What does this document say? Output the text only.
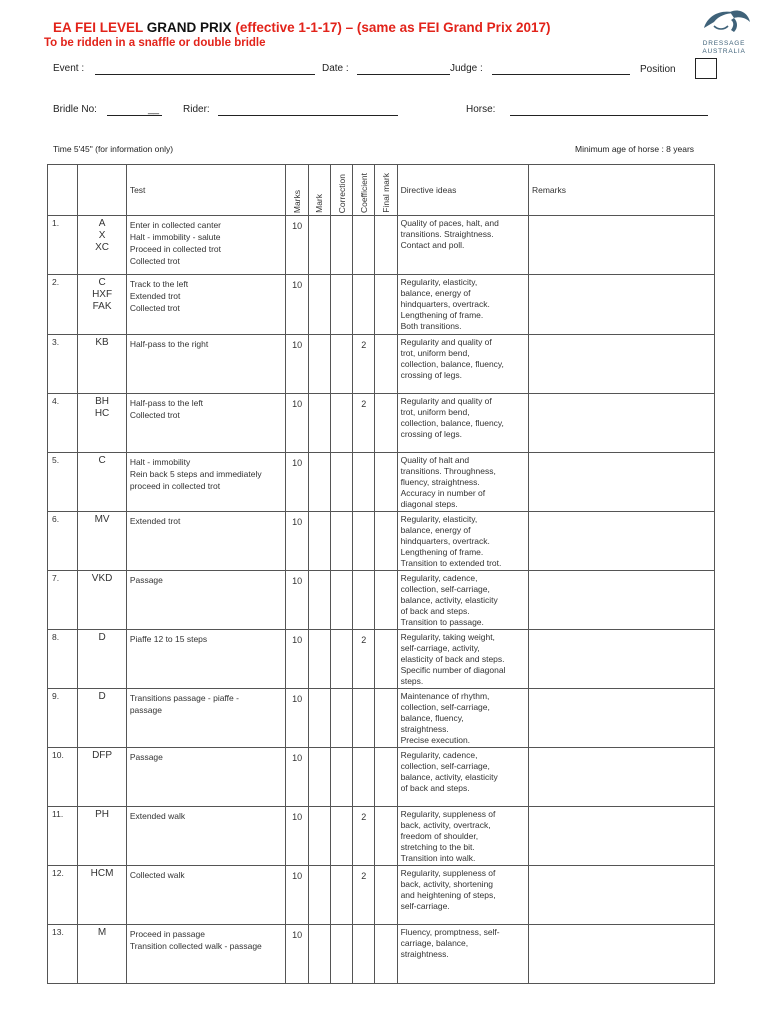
EA FEI LEVEL GRAND PRIX (effective 1-1-17) – (same as FEI Grand Prix 2017)
To be ridden in a snaffle or double bridle	DRESSAGE
AUSTRALIA
Event :	Date :	Judge :	Position
Bridle No:	__ Rider:	Horse:
Time 5'45" (for information only)	Minimum age of horse : 8 years
		Test	Marks	Mark	Correction	Coefficient	Final mark	Directive ideas	Remarks
1.	A
X
XC	Enter in collected canter
Halt - immobility - salute
Proceed in collected trot
Collected trot	10					Quality of paces, halt, and
transitions. Straightness.
Contact and poll.	

2.	C
HXF
FAK	Track to the left
Extended trot
Collected trot	10					Regularity, elasticity,
balance, energy of
hindquarters, overtrack.
Lengthening of frame.
Both transitions.	

3.	KB	Half-pass to the right	10			2		Regularity and quality of
trot, uniform bend,
collection, balance, fluency,
crossing of legs.	

4.	BH
HC	Half-pass to the left
Collected trot	10			2		Regularity and quality of
trot, uniform bend,
collection, balance, fluency,
crossing of legs.	

5.	C	Halt - immobility
Rein back 5 steps and immediately
proceed in collected trot	10					Quality of halt and
transitions. Throughness,
fluency, straightness.
Accuracy in number of
diagonal steps.	

6.	MV	Extended trot	10					Regularity, elasticity,
balance, energy of
hindquarters, overtrack.
Lengthening of frame.
Transition to extended trot.	

7.	VKD	Passage	10					Regularity, cadence,
collection, self-carriage,
balance, activity, elasticity
of back and steps.
Transition to passage.	

8.	D	Piaffe 12 to 15 steps	10			2		Regularity, taking weight,
self-carriage, activity,
elasticity of back and steps.
Specific number of diagonal
steps.	

9.	D	Transitions passage - piaffe -
passage	10					Maintenance of rhythm,
collection, self-carriage,
balance, fluency,
straightness.
Precise execution.	

10.	DFP	Passage	10					Regularity, cadence,
collection, self-carriage,
balance, activity, elasticity
of back and steps.	

11.	PH	Extended walk	10			2		Regularity, suppleness of
back, activity, overtrack,
freedom of shoulder,
stretching to the bit.
Transition into walk.	

12.	HCM	Collected walk	10			2		Regularity, suppleness of
back, activity, shortening
and heightening of steps,
self-carriage.	

13.	M	Proceed in passage
Transition collected walk - passage	10					Fluency, promptness, self-
carriage, balance,
straightness.	
